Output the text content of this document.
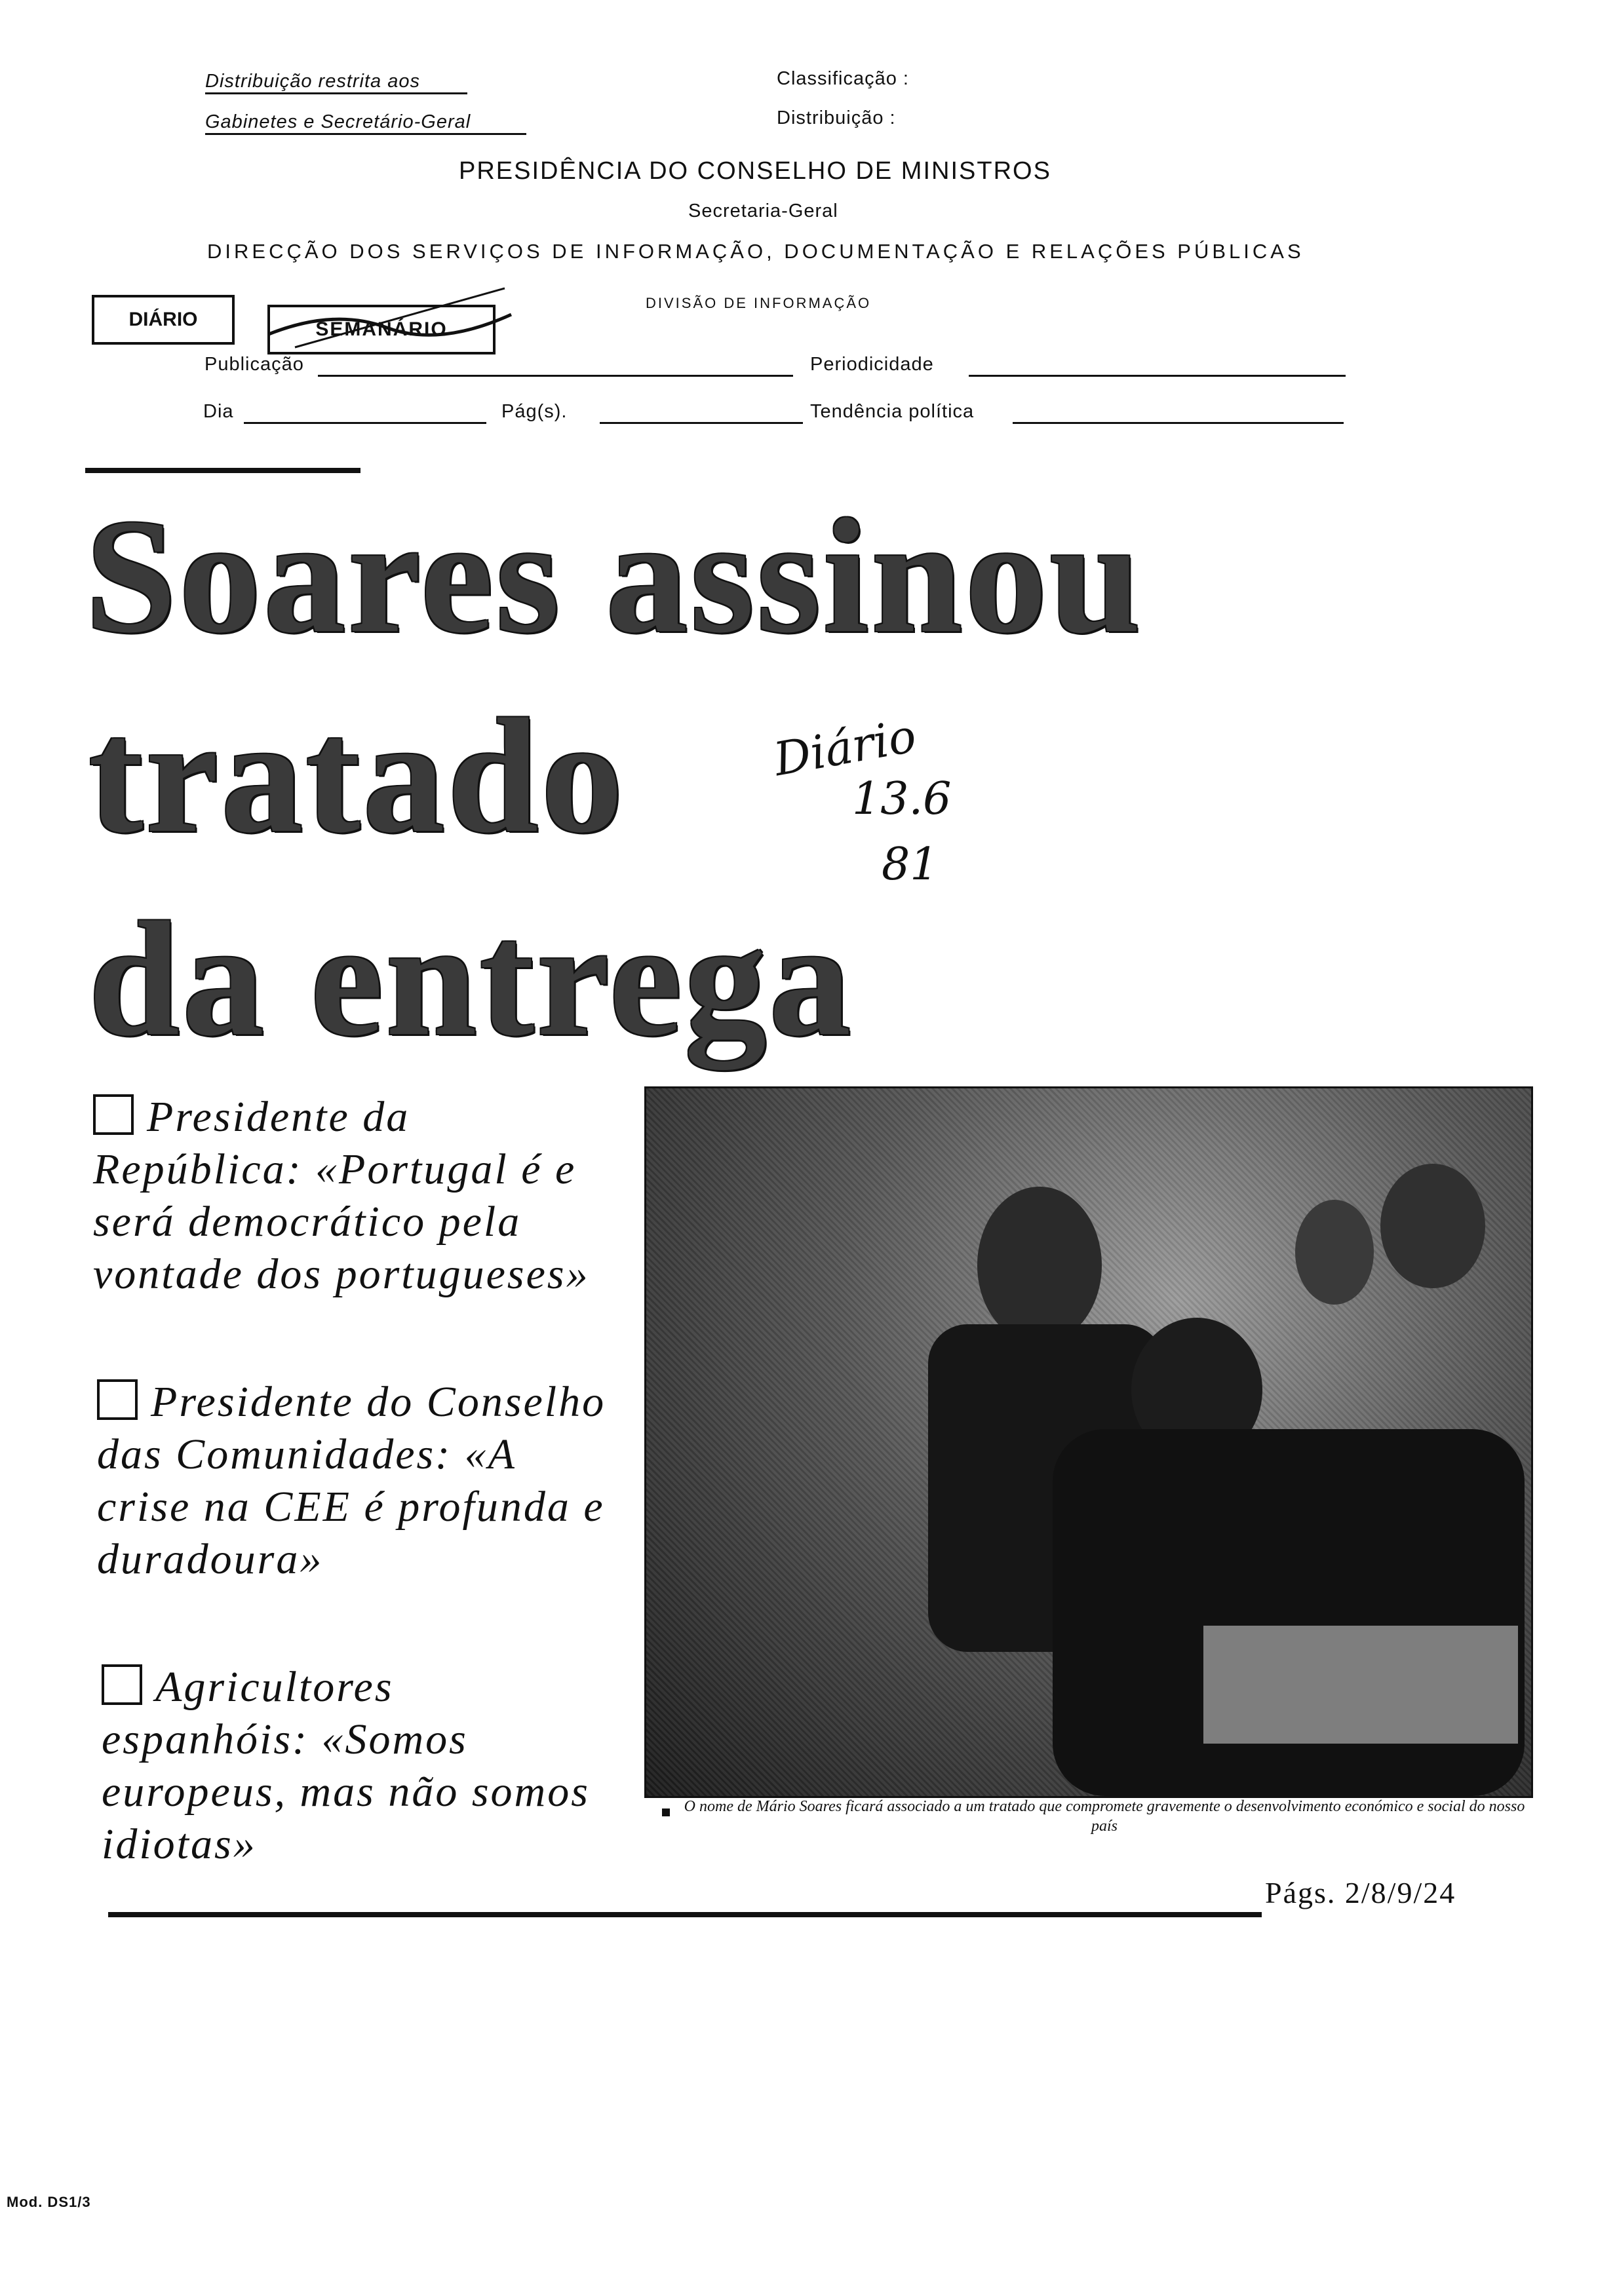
Distribuição restrita aos
Gabinetes e Secretário-Geral
Classificação :
Distribuição :
PRESIDÊNCIA DO CONSELHO DE MINISTROS
Secretaria-Geral
DIRECÇÃO DOS SERVIÇOS DE INFORMAÇÃO, DOCUMENTAÇÃO E RELAÇÕES PÚBLICAS
DIVISÃO DE INFORMAÇÃO
DIÁRIO	SEMANÁRIO
Publicação	Periodicidade
Dia	Pág(s).	Tendência política
Soares assinou
tratado
da entrega
Diário
13.6
81
Presidente da República: «Portugal é e será democrático pela vontade dos portugueses»
Presidente do Conselho das Comunidades: «A crise na CEE é profunda e duradoura»
Agricultores espanhóis: «Somos europeus, mas não somos idiotas»
O nome de Mário Soares ficará associado a um tratado que compromete gravemente o desenvolvimento económico e social do nosso país
Págs. 2/8/9/24
Mod. DS1/3
